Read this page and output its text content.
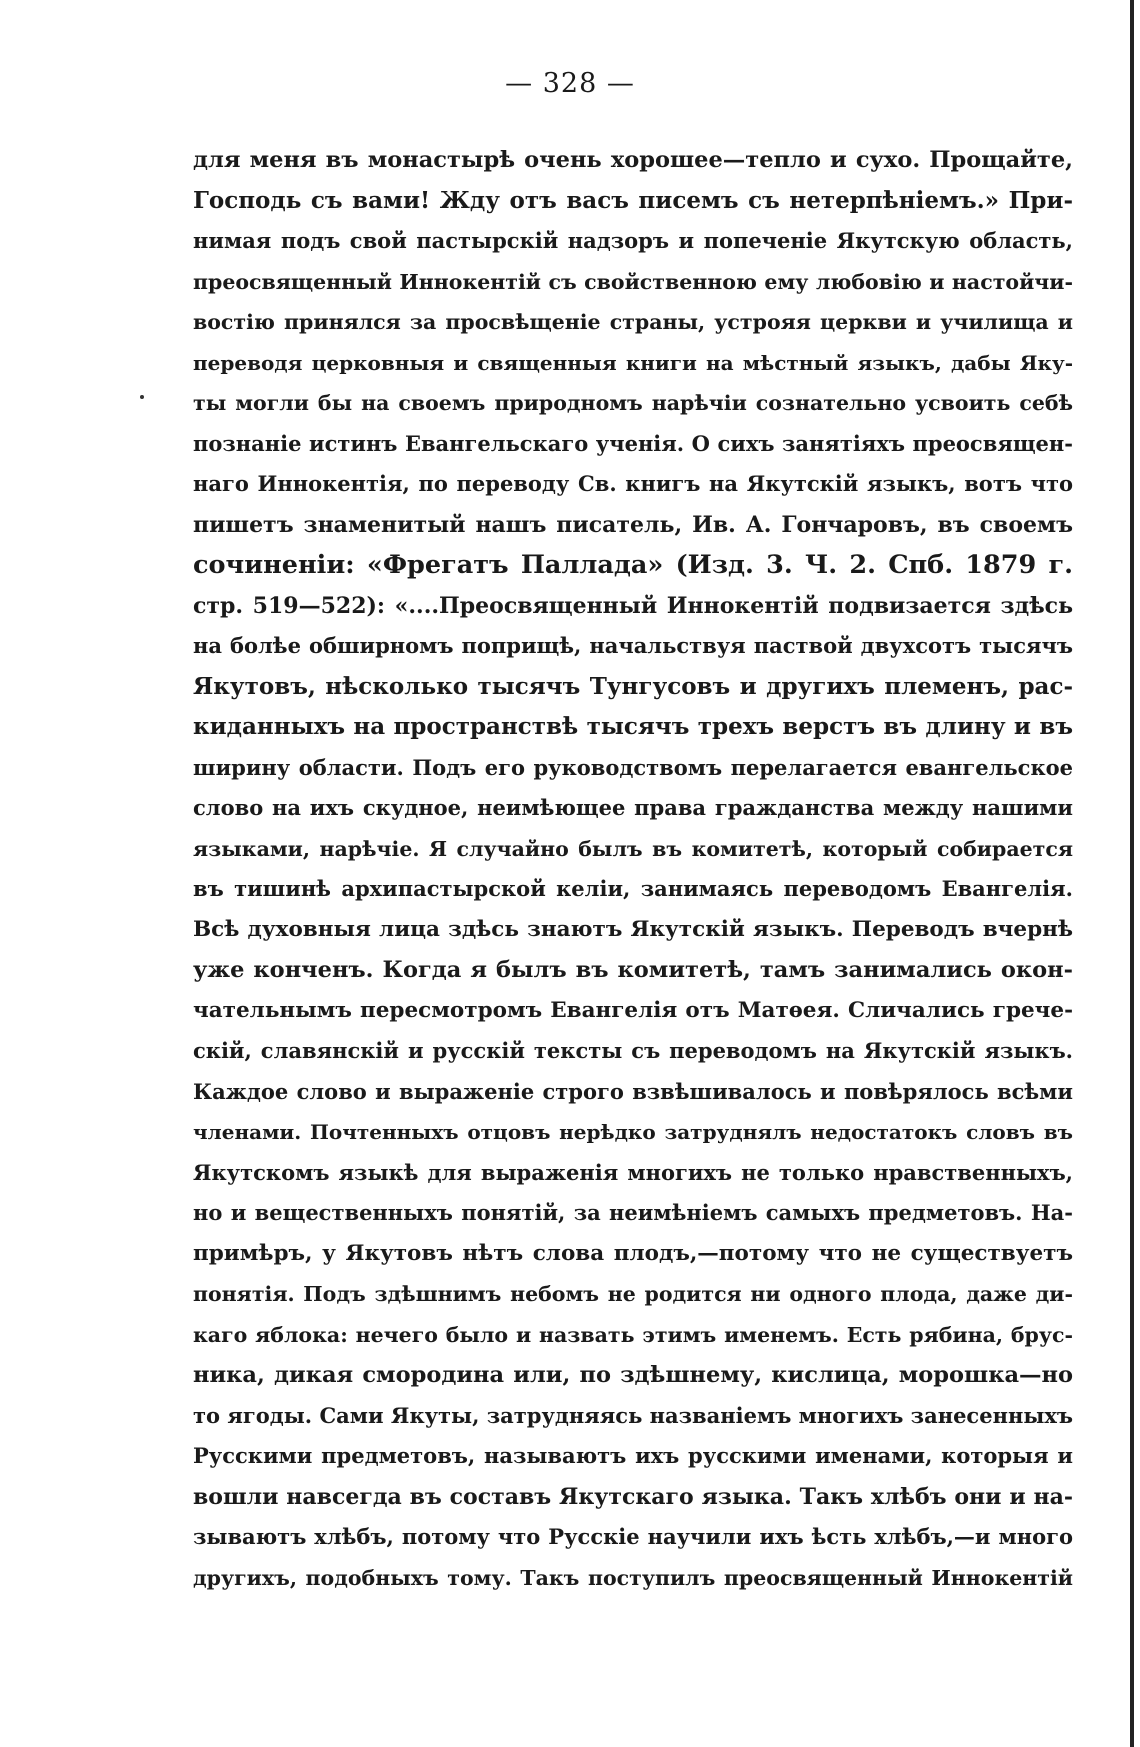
— 328 —
для меня въ монастырѣ очень хорошее—тепло и сухо. Прощайте,
Господь съ вами! Жду отъ васъ писемъ съ нетерпѣніемъ.» При-
нимая подъ свой пастырскій надзоръ и попеченіе Якутскую область,
преосвященный Иннокентій съ свойственною ему любовію и настойчи-
востію принялся за просвѣщеніе страны, устрояя церкви и училища и
переводя церковныя и священныя книги на мѣстный языкъ, дабы Яку-
ты могли бы на своемъ природномъ нарѣчіи сознательно усвоить себѣ
познаніе истинъ Евангельскаго ученія. О сихъ занятіяхъ преосвящен-
наго Иннокентія, по переводу Св. книгъ на Якутскій языкъ, вотъ что
пишетъ знаменитый нашъ писатель, Ив. А. Гончаровъ, въ своемъ
сочиненіи: «Фрегатъ Паллада» (Изд. 3. Ч. 2. Спб. 1879 г.
стр. 519—522): «....Преосвященный Иннокентій подвизается здѣсь
на болѣе обширномъ поприщѣ, начальствуя паствой двухсотъ тысячъ
Якутовъ, нѣсколько тысячъ Тунгусовъ и другихъ племенъ, рас-
киданныхъ на пространствѣ тысячъ трехъ верстъ въ длину и въ
ширину области. Подъ его руководствомъ перелагается евангельское
слово на ихъ скудное, неимѣющее права гражданства между нашими
языками, нарѣчіе. Я случайно былъ въ комитетѣ, который собирается
въ тишинѣ архипастырской келіи, занимаясь переводомъ Евангелія.
Всѣ духовныя лица здѣсь знаютъ Якутскій языкъ. Переводъ вчернѣ
уже конченъ. Когда я былъ въ комитетѣ, тамъ занимались окон-
чательнымъ пересмотромъ Евангелія отъ Матѳея. Сличались грече-
скій, славянскій и русскій тексты съ переводомъ на Якутскій языкъ.
Каждое слово и выраженіе строго взвѣшивалось и повѣрялось всѣми
членами. Почтенныхъ отцовъ нерѣдко затруднялъ недостатокъ словъ въ
Якутскомъ языкѣ для выраженія многихъ не только нравственныхъ,
но и вещественныхъ понятій, за неимѣніемъ самыхъ предметовъ. На-
примѣръ, у Якутовъ нѣтъ слова плодъ,—потому что не существуетъ
понятія. Подъ здѣшнимъ небомъ не родится ни одного плода, даже ди-
каго яблока: нечего было и назвать этимъ именемъ. Есть рябина, брус-
ника, дикая смородина или, по здѣшнему, кислица, морошка—но
то ягоды. Сами Якуты, затрудняясь названіемъ многихъ занесенныхъ
Русскими предметовъ, называютъ ихъ русскими именами, которыя и
вошли навсегда въ составъ Якутскаго языка. Такъ хлѣбъ они и на-
зываютъ хлѣбъ, потому что Русскіе научили ихъ ѣсть хлѣбъ,—и много
другихъ, подобныхъ тому. Такъ поступилъ преосвященный Иннокентій
